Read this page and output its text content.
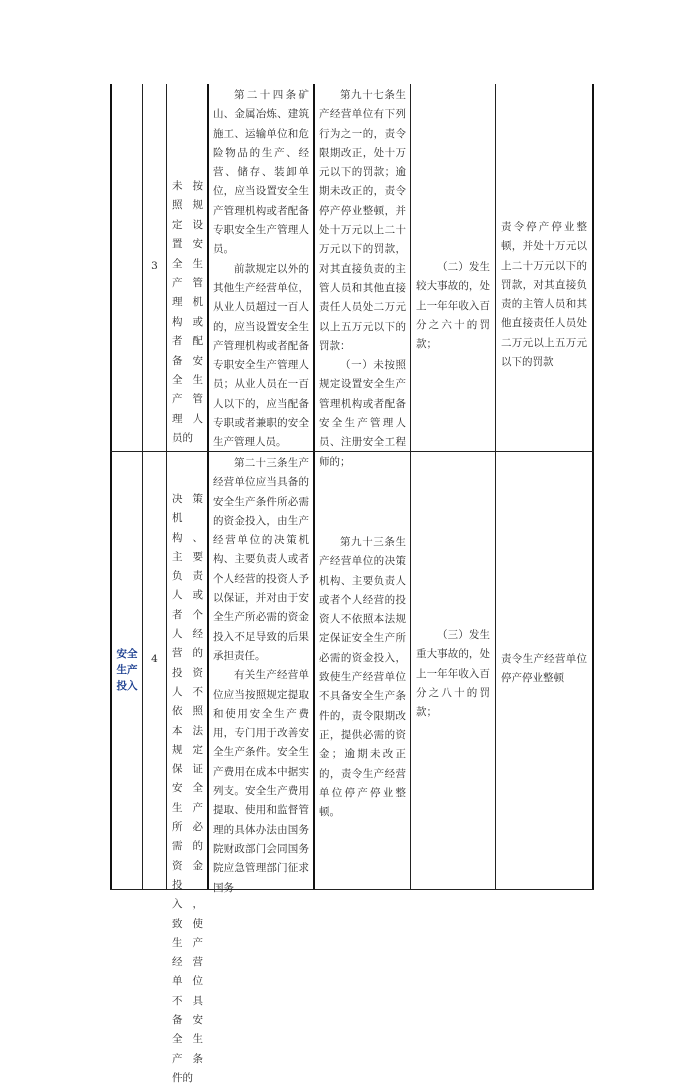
3
未按照规定设置安全生产管理机构或者配备安全生产管理人员的
第二十四条矿山、金属冶炼、建筑施工、运输单位和危险物品的生产、经营、储存、装卸单位，应当设置安全生产管理机构或者配备专职安全生产管理人员。
前款规定以外的其他生产经营单位，从业人员超过一百人的，应当设置安全生产管理机构或者配备专职安全生产管理人员；从业人员在一百人以下的，应当配备专职或者兼职的安全生产管理人员。
第九十七条生产经营单位有下列行为之一的，责令限期改正，处十万元以下的罚款；逾期未改正的，责令停产停业整顿，并处十万元以上二十万元以下的罚款，对其直接负责的主管人员和其他直接责任人员处二万元以上五万元以下的罚款：
（一）未按照规定设置安全生产管理机构或者配备安全生产管理人员、注册安全工程师的；
（二）发生较大事故的，处上一年年收入百分之六十的罚款；
责令停产停业整顿，并处十万元以上二十万元以下的罚款，对其直接负责的主管人员和其他直接责任人员处二万元以上五万元以下的罚款
安全生产投入
4
决策机构、主要负责人或者个人经营的投资人不依照本法规定保证安全生产所必需的资金投入，致使生产经营单位不具备安全生产条件的
第二十三条生产经营单位应当具备的安全生产条件所必需的资金投入，由生产经营单位的决策机构、主要负责人或者个人经营的投资人予以保证，并对由于安全生产所必需的资金投入不足导致的后果承担责任。
有关生产经营单位应当按照规定提取和使用安全生产费用，专门用于改善安全生产条件。安全生产费用在成本中据实列支。安全生产费用提取、使用和监督管理的具体办法由国务院财政部门会同国务院应急管理部门征求国务
第九十三条生产经营单位的决策机构、主要负责人或者个人经营的投资人不依照本法规定保证安全生产所必需的资金投入，致使生产经营单位不具备安全生产条件的，责令限期改正，提供必需的资金；逾期未改正的，责令生产经营单位停产停业整顿。
（三）发生重大事故的，处上一年年收入百分之八十的罚款；
责令生产经营单位停产停业整顿
